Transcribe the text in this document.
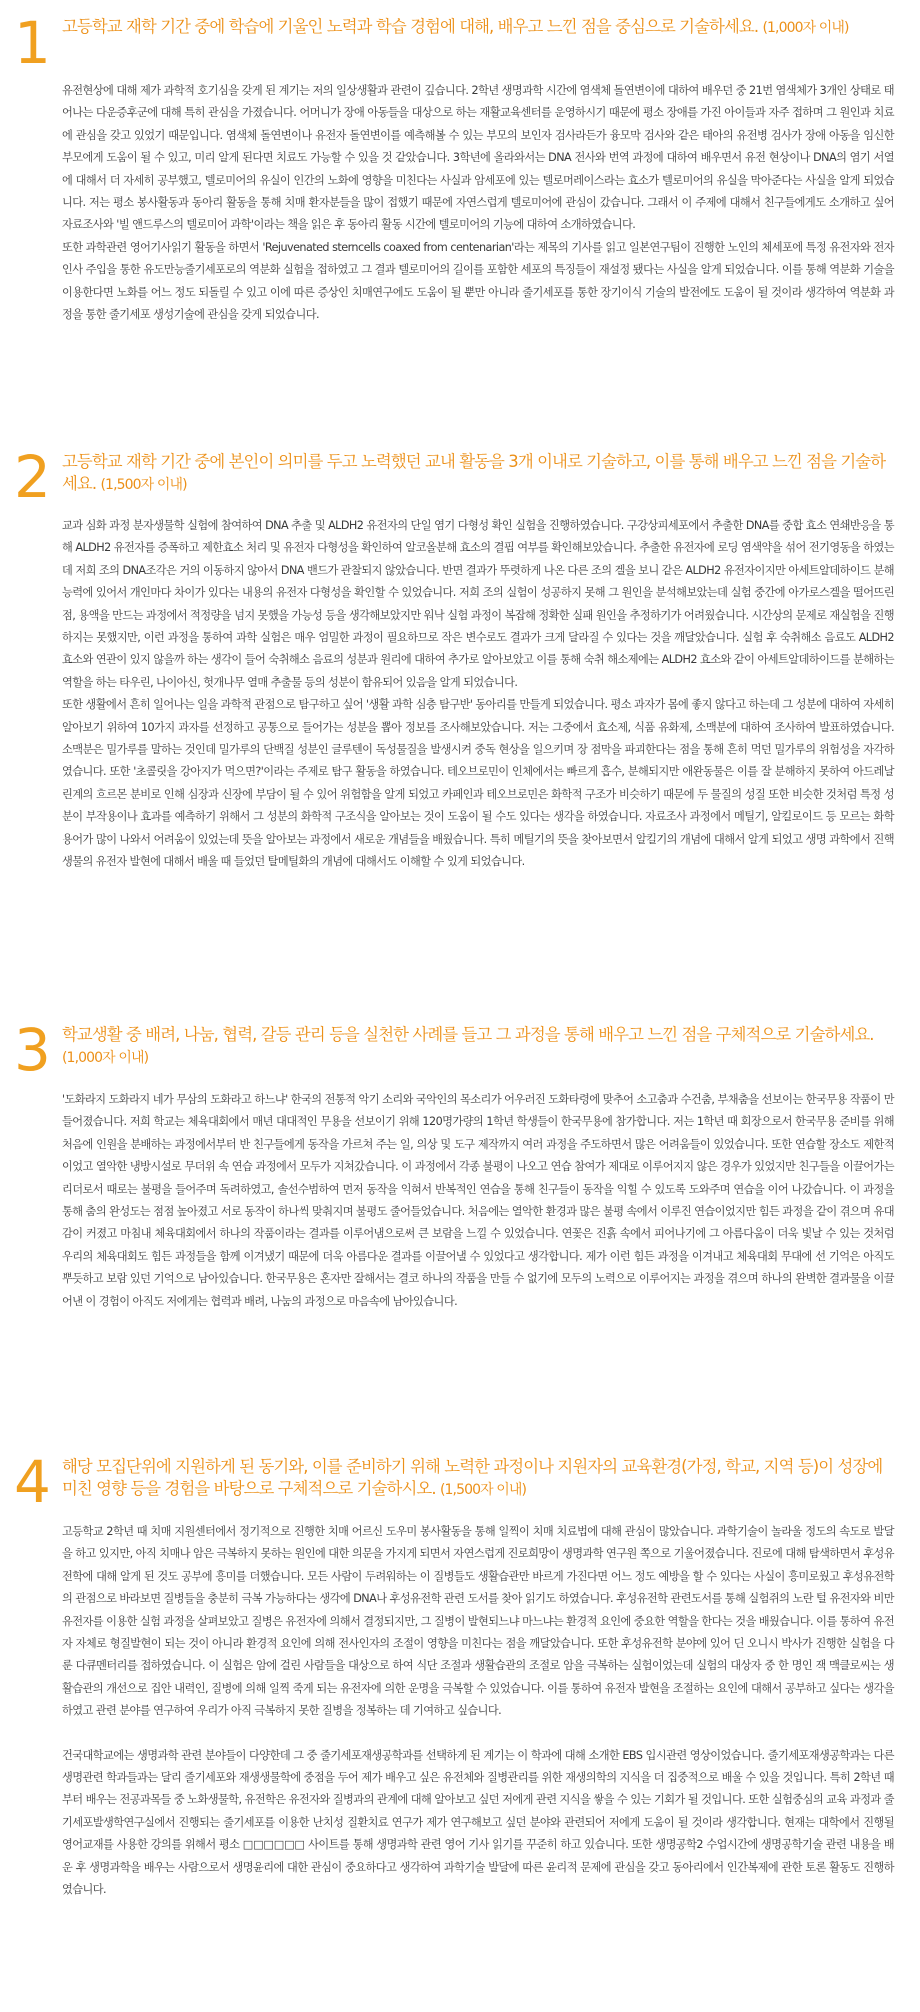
1 고등학교 재학 기간 중에 학습에 기울인 노력과 학습 경험에 대해, 배우고 느낀 점을 중심으로 기술하세요. (1,000자 이내)

유전현상에 대해 제가 과학적 호기심을 갖게 된 계기는 저의 일상생활과 관련이 깊습니다. 2학년 생명과학 시간에 염색체 돌연변이에 대하여 배우던 중 21번 염색체가 3개인 상태로 태어나는 다운증후군에 대해 특히 관심을 가졌습니다. 어머니가 장애 아동들을 대상으로 하는 재활교육센터를 운영하시기 때문에 평소 장애를 가진 아이들과 자주 접하며 그 원인과 치료에 관심을 갖고 있었기 때문입니다. 염색체 돌연변이나 유전자 돌연변이를 예측해볼 수 있는 부모의 보인자 검사라든가 융모막 검사와 같은 태아의 유전병 검사가 장애 아동을 임신한 부모에게 도움이 될 수 있고, 미리 알게 된다면 치료도 가능할 수 있을 것 같았습니다. 3학년에 올라와서는 DNA 전사와 번역 과정에 대하여 배우면서 유전 현상이나 DNA의 염기 서열에 대해서 더 자세히 공부했고, 텔로미어의 유실이 인간의 노화에 영향을 미친다는 사실과 암세포에 있는 텔로머레이스라는 효소가 텔로미어의 유실을 막아준다는 사실을 알게 되었습니다. 저는 평소 봉사활동과 동아리 활동을 통해 치매 환자분들을 많이 접했기 때문에 자연스럽게 텔로미어에 관심이 갔습니다. 그래서 이 주제에 대해서 친구들에게도 소개하고 싶어 자료조사와 '빌 앤드루스의 텔로미어 과학'이라는 책을 읽은 후 동아리 활동 시간에 텔로미어의 기능에 대하여 소개하였습니다.

또한 과학관련 영어기사읽기 활동을 하면서 'Rejuvenated sterncells coaxed from centenarian'라는 제목의 기사를 읽고 일본연구팀이 진행한 노인의 체세포에 특정 유전자와 전자인사 주입을 통한 유도만능줄기세포로의 역분화 실험을 접하였고 그 결과 텔로미어의 길이를 포함한 세포의 특징들이 재설정 됐다는 사실을 알게 되었습니다. 이를 통해 역분화 기술을 이용한다면 노화를 어느 정도 되돌릴 수 있고 이에 따른 증상인 치매연구에도 도움이 될 뿐만 아니라 줄기세포를 통한 장기이식 기술의 발전에도 도움이 될 것이라 생각하여 역분화 과정을 통한 줄기세포 생성기술에 관심을 갖게 되었습니다.

2 고등학교 재학 기간 중에 본인이 의미를 두고 노력했던 교내 활동을 3개 이내로 기술하고, 이를 통해 배우고 느낀 점을 기술하세요. (1,500자 이내)

교과 심화 과정 분자생물학 실험에 참여하여 DNA 추출 및 ALDH2 유전자의 단일 염기 다형성 확인 실험을 진행하였습니다. 구강상피세포에서 추출한 DNA를 중합 효소 연쇄반응을 통해 ALDH2 유전자를 증폭하고 제한효소 처리 및 유전자 다형성을 확인하여 알코올분해 효소의 결핍 여부를 확인해보았습니다. 추출한 유전자에 로딩 염색약을 섞어 전기영동을 하였는데 저희 조의 DNA조각은 거의 이동하지 않아서 DNA 밴드가 관찰되지 않았습니다. 반면 결과가 뚜렷하게 나온 다른 조의 겔을 보니 같은 ALDH2 유전자이지만 아세트알데하이드 분해 능력에 있어서 개인마다 차이가 있다는 내용의 유전자 다형성을 확인할 수 있었습니다. 저희 조의 실험이 성공하지 못해 그 원인을 분석해보았는데 실험 중간에 아가로스겔을 떨어뜨린 점, 용액을 만드는 과정에서 적정량을 넘지 못했을 가능성 등을 생각해보았지만 워낙 실험 과정이 복잡해 정확한 실패 원인을 추정하기가 어려웠습니다. 시간상의 문제로 재실험을 진행하지는 못했지만, 이런 과정을 통하여 과학 실험은 매우 엄밀한 과정이 필요하므로 작은 변수로도 결과가 크게 달라질 수 있다는 것을 깨달았습니다. 실험 후 숙취해소 음료도 ALDH2 효소와 연관이 있지 않을까 하는 생각이 들어 숙취해소 음료의 성분과 원리에 대하여 추가로 알아보았고 이를 통해 숙취 해소제에는 ALDH2 효소와 같이 아세트알데하이드를 분해하는 역할을 하는 타우린, 나이아신, 헛개나무 열매 추출물 등의 성분이 함유되어 있음을 알게 되었습니다.

또한 생활에서 흔히 일어나는 일을 과학적 관점으로 탐구하고 싶어 '생활 과학 심층 탐구반' 동아리를 만들게 되었습니다. 평소 과자가 몸에 좋지 않다고 하는데 그 성분에 대하여 자세히 알아보기 위하여 10가지 과자를 선정하고 공통으로 들어가는 성분을 뽑아 정보를 조사해보았습니다. 저는 그중에서 효소제, 식품 유화제, 소맥분에 대하여 조사하여 발표하였습니다. 소맥분은 밀가루를 말하는 것인데 밀가루의 단백질 성분인 글루텐이 독성물질을 발생시켜 중독 현상을 일으키며 장 점막을 파괴한다는 점을 통해 흔히 먹던 밀가루의 위험성을 자각하였습니다. 또한 '초콜릿을 강아지가 먹으면?'이라는 주제로 탐구 활동을 하였습니다. 테오브로민이 인체에서는 빠르게 흡수, 분해되지만 애완동물은 이를 잘 분해하지 못하여 아드레날린계의 흐르몬 분비로 인해 심장과 신장에 부담이 될 수 있어 위험함을 알게 되었고 카페인과 테오브로민은 화학적 구조가 비슷하기 때문에 두 물질의 성질 또한 비슷한 것처럼 특정 성분이 부작용이나 효과를 예측하기 위해서 그 성분의 화학적 구조식을 알아보는 것이 도움이 될 수도 있다는 생각을 하였습니다. 자료조사 과정에서 메틸기, 알킬로이드 등 모르는 화학 용어가 많이 나와서 어려움이 있었는데 뜻을 알아보는 과정에서 새로운 개념들을 배웠습니다. 특히 메틸기의 뜻을 찾아보면서 알킬기의 개념에 대해서 알게 되었고 생명 과학에서 진핵생물의 유전자 발현에 대해서 배울 때 들었던 탈메틸화의 개념에 대해서도 이해할 수 있게 되었습니다.

3 학교생활 중 배려, 나눔, 협력, 갈등 관리 등을 실천한 사례를 들고 그 과정을 통해 배우고 느낀 점을 구체적으로 기술하세요. (1,000자 이내)

'도화라지 도화라지 네가 무삼의 도화라고 하느냐' 한국의 전통적 악기 소리와 국악인의 목소리가 어우러진 도화타령에 맞추어 소고춤과 수건춤, 부채춤을 선보이는 한국무용 작품이 만들어졌습니다. 저희 학교는 체육대회에서 매년 대대적인 무용을 선보이기 위해 120명가량의 1학년 학생들이 한국무용에 참가합니다. 저는 1학년 때 회장으로서 한국무용 준비를 위해 처음에 인원을 분배하는 과정에서부터 반 친구들에게 동작을 가르쳐 주는 일, 의상 및 도구 제작까지 여러 과정을 주도하면서 많은 어려움들이 있었습니다. 또한 연습할 장소도 제한적이었고 열악한 냉방시설로 무더위 속 연습 과정에서 모두가 지쳐갔습니다. 이 과정에서 각종 불평이 나오고 연습 참여가 제대로 이루어지지 않은 경우가 있었지만 친구들을 이끌어가는 리더로서 때로는 불평을 들어주며 독려하였고, 솔선수범하여 먼저 동작을 익혀서 반복적인 연습을 통해 친구들이 동작을 익힐 수 있도록 도와주며 연습을 이어 나갔습니다. 이 과정을 통해 춤의 완성도는 점점 높아졌고 서로 동작이 하나씩 맞춰지며 불평도 줄어들었습니다. 처음에는 열악한 환경과 많은 불평 속에서 이루진 연습이었지만 힘든 과정을 같이 겪으며 유대감이 커졌고 마침내 체육대회에서 하나의 작품이라는 결과를 이루어냄으로써 큰 보람을 느낄 수 있었습니다. 연꽃은 진흙 속에서 피어나기에 그 아름다움이 더욱 빛날 수 있는 것처럼 우리의 체육대회도 힘든 과정들을 함께 이겨냈기 때문에 더욱 아름다운 결과를 이끌어낼 수 있었다고 생각합니다. 제가 이런 힘든 과정을 이겨내고 체육대회 무대에 선 기억은 아직도 뿌듯하고 보람 있던 기억으로 남아있습니다. 한국무용은 혼자만 잘해서는 결코 하나의 작품을 만들 수 없기에 모두의 노력으로 이루어지는 과정을 겪으며 하나의 완벽한 결과물을 이끌어낸 이 경험이 아직도 저에게는 협력과 배려, 나눔의 과정으로 마음속에 남아있습니다.

4 해당 모집단위에 지원하게 된 동기와, 이를 준비하기 위해 노력한 과정이나 지원자의 교육환경(가정, 학교, 지역 등)이 성장에 미친 영향 등을 경험을 바탕으로 구체적으로 기술하시오. (1,500자 이내)

고등학교 2학년 때 치매 지원센터에서 정기적으로 진행한 치매 어르신 도우미 봉사활동을 통해 일찍이 치매 치료법에 대해 관심이 많았습니다. 과학기술이 놀라울 정도의 속도로 발달을 하고 있지만, 아직 치매나 암은 극복하지 못하는 원인에 대한 의문을 가지게 되면서 자연스럽게 진로희망이 생명과학 연구원 쪽으로 기울어졌습니다. 진로에 대해 탐색하면서 후성유전학에 대해 알게 된 것도 공부에 흥미를 더했습니다. 모든 사람이 두려워하는 이 질병들도 생활습관만 바르게 가진다면 어느 정도 예방을 할 수 있다는 사실이 흥미로웠고 후성유전학의 관점으로 바라보면 질병들을 충분히 극복 가능하다는 생각에 DNA나 후성유전학 관련 도서를 찾아 읽기도 하였습니다. 후성유전학 관련도서를 통해 실험쥐의 노란 털 유전자와 비만유전자를 이용한 실험 과정을 살펴보았고 질병은 유전자에 의해서 결정되지만, 그 질병이 발현되느냐 마느냐는 환경적 요인에 중요한 역할을 한다는 것을 배웠습니다. 이를 통하여 유전자 자체로 형질발현이 되는 것이 아니라 환경적 요인에 의해 전사인자의 조절이 영향을 미친다는 점을 깨달았습니다. 또한 후성유전학 분야에 있어 딘 오니시 박사가 진행한 실험을 다룬 다큐멘터리를 접하였습니다. 이 실험은 암에 걸린 사람들을 대상으로 하여 식단 조절과 생활습관의 조절로 암을 극복하는 실험이었는데 실험의 대상자 중 한 명인 잭 맥클로씨는 생활습관의 개선으로 집안 내력인, 질병에 의해 일찍 죽게 되는 유전자에 의한 운명을 극복할 수 있었습니다. 이를 통하여 유전자 발현을 조절하는 요인에 대해서 공부하고 싶다는 생각을 하였고 관련 분야를 연구하여 우리가 아직 극복하지 못한 질병을 정복하는 데 기여하고 싶습니다.

건국대학교에는 생명과학 관련 분야들이 다양한데 그 중 줄기세포재생공학과를 선택하게 된 계기는 이 학과에 대해 소개한 EBS 입시관련 영상이었습니다. 줄기세포재생공학과는 다른 생명관련 학과들과는 달리 줄기세포와 재생생물학에 중점을 두어 제가 배우고 싶은 유전체와 질병관리를 위한 재생의학의 지식을 더 집중적으로 배울 수 있을 것입니다. 특히 2학년 때부터 배우는 전공과목들 중 노화생물학, 유전학은 유전자와 질병과의 관계에 대해 알아보고 싶던 저에게 관련 지식을 쌓을 수 있는 기회가 될 것입니다. 또한 실험중심의 교육 과정과 줄기세포발생학연구실에서 진행되는 줄기세포를 이용한 난치성 질환치료 연구가 제가 연구해보고 싶던 분야와 관련되어 저에게 도움이 될 것이라 생각합니다. 현재는 대학에서 진행될 영어교재를 사용한 강의를 위해서 평소 □□□□□□ 사이트를 통해 생명과학 관련 영어 기사 읽기를 꾸준히 하고 있습니다. 또한 생명공학2 수업시간에 생명공학기술 관련 내용을 배운 후 생명과학을 배우는 사람으로서 생명윤리에 대한 관심이 중요하다고 생각하여 과학기술 발달에 따른 윤리적 문제에 관심을 갖고 동아리에서 인간복제에 관한 토론 활동도 진행하였습니다.
